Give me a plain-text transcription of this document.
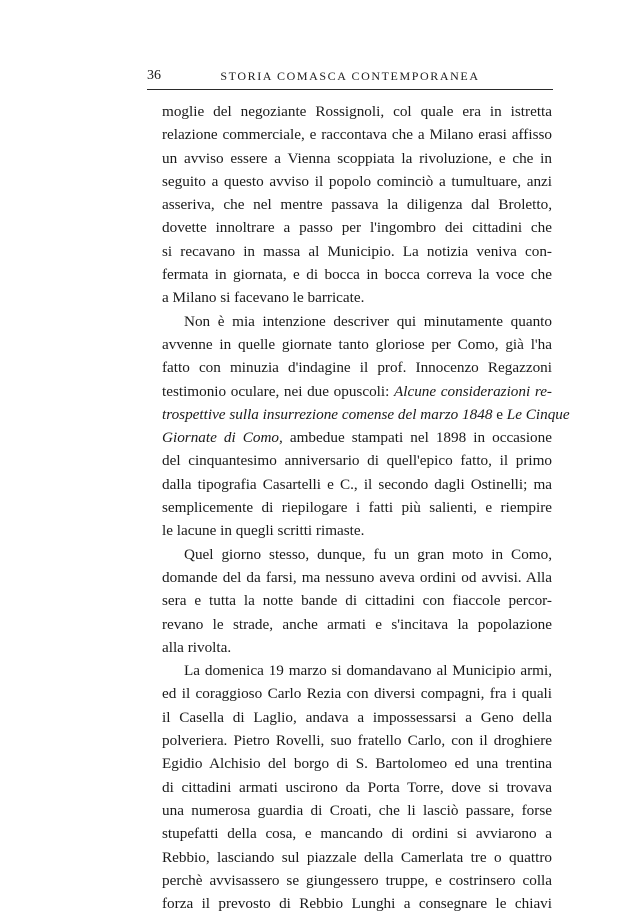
36	STORIA COMASCA CONTEMPORANEA
moglie del negoziante Rossignoli, col quale era in istretta
relazione commerciale, e raccontava che a Milano erasi affisso
un avviso essere a Vienna scoppiata la rivoluzione, e che in
seguito a questo avviso il popolo cominciò a tumultuare, anzi
asseriva, che nel mentre passava la diligenza dal Broletto,
dovette innoltrare a passo per l'ingombro dei cittadini che
si recavano in massa al Municipio. La notizia veniva con-
fermata in giornata, e di bocca in bocca correva la voce che
a Milano si facevano le barricate.
Non è mia intenzione descriver qui minutamente quanto
avvenne in quelle giornate tanto gloriose per Como, già l'ha
fatto con minuzia d'indagine il prof. Innocenzo Regazzoni
testimonio oculare, nei due opuscoli: Alcune considerazioni re-
trospettive sulla insurrezione comense del marzo 1848 e Le Cinque
Giornate di Como, ambedue stampati nel 1898 in occasione
del cinquantesimo anniversario di quell'epico fatto, il primo
dalla tipografia Casartelli e C., il secondo dagli Ostinelli; ma
semplicemente di riepilogare i fatti più salienti, e riempire
le lacune in quegli scritti rimaste.
Quel giorno stesso, dunque, fu un gran moto in Como,
domande del da farsi, ma nessuno aveva ordini od avvisi. Alla
sera e tutta la notte bande di cittadini con fiaccole percor-
revano le strade, anche armati e s'incitava la popolazione
alla rivolta.
La domenica 19 marzo si domandavano al Municipio armi,
ed il coraggioso Carlo Rezia con diversi compagni, fra i quali
il Casella di Laglio, andava a impossessarsi a Geno della
polveriera. Pietro Rovelli, suo fratello Carlo, con il droghiere
Egidio Alchisio del borgo di S. Bartolomeo ed una trentina
di cittadini armati uscirono da Porta Torre, dove si trovava
una numerosa guardia di Croati, che li lasciò passare, forse
stupefatti della cosa, e mancando di ordini si avviarono a
Rebbio, lasciando sul piazzale della Camerlata tre o quattro
perchè avvisassero se giungessero truppe, e costrinsero colla
forza il prevosto di Rebbio Lunghi a consegnare le chiavi
